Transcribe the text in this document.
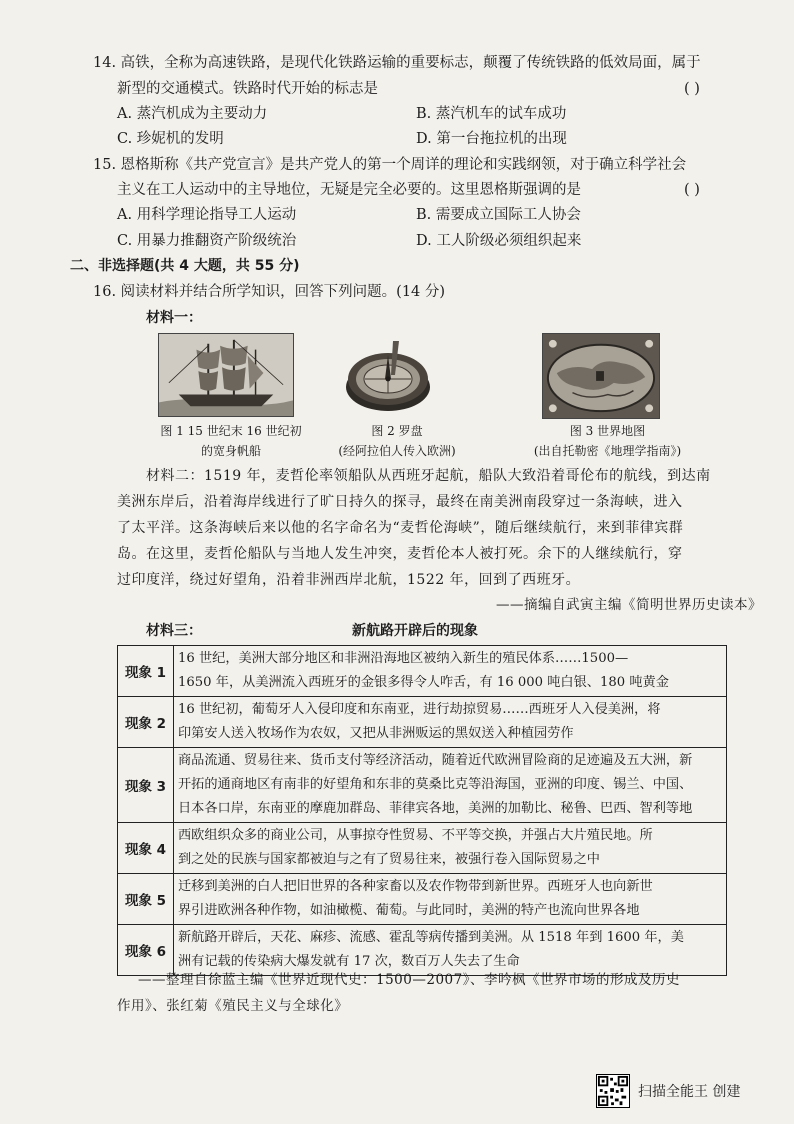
14. 高铁，全称为高速铁路，是现代化铁路运输的重要标志，颠覆了传统铁路的低效局面，属于
新型的交通模式。铁路时代开始的标志是	( )
A. 蒸汽机成为主要动力	B. 蒸汽机车的试车成功
C. 珍妮机的发明	D. 第一台拖拉机的出现
15. 恩格斯称《共产党宣言》是共产党人的第一个周详的理论和实践纲领，对于确立科学社会
主义在工人运动中的主导地位，无疑是完全必要的。这里恩格斯强调的是	( )
A. 用科学理论指导工人运动	B. 需要成立国际工人协会
C. 用暴力推翻资产阶级统治	D. 工人阶级必须组织起来
二、非选择题(共 4 大题，共 55 分)
16. 阅读材料并结合所学知识，回答下列问题。(14 分)
材料一：
图 1 15 世纪末 16 世纪初
的宽身帆船
图 2 罗盘
(经阿拉伯人传入欧洲)
图 3 世界地图
(出自托勒密《地理学指南》)
材料二：1519 年，麦哲伦率领船队从西班牙起航，船队大致沿着哥伦布的航线，到达南
美洲东岸后，沿着海岸线进行了旷日持久的探寻，最终在南美洲南段穿过一条海峡，进入
了太平洋。这条海峡后来以他的名字命名为“麦哲伦海峡”，随后继续航行，来到菲律宾群
岛。在这里，麦哲伦船队与当地人发生冲突，麦哲伦本人被打死。余下的人继续航行，穿
过印度洋，绕过好望角，沿着非洲西岸北航，1522 年，回到了西班牙。
——摘编自武寅主编《简明世界历史读本》
材料三：	新航路开辟后的现象
现象 1	16 世纪，美洲大部分地区和非洲沿海地区被纳入新生的殖民体系……1500—
1650 年，从美洲流入西班牙的金银多得令人咋舌，有 16 000 吨白银、180 吨黄金

现象 2	16 世纪初，葡萄牙人入侵印度和东南亚，进行劫掠贸易……西班牙人入侵美洲，将
印第安人送入牧场作为农奴，又把从非洲贩运的黑奴送入种植园劳作

现象 3	商品流通、贸易往来、货币支付等经济活动，随着近代欧洲冒险商的足迹遍及五大洲，新
开拓的通商地区有南非的好望角和东非的莫桑比克等沿海国，亚洲的印度、锡兰、中国、
日本各口岸，东南亚的摩鹿加群岛、菲律宾各地，美洲的加勒比、秘鲁、巴西、智利等地

现象 4	西欧组织众多的商业公司，从事掠夺性贸易、不平等交换，并强占大片殖民地。所
到之处的民族与国家都被迫与之有了贸易往来，被强行卷入国际贸易之中

现象 5	迁移到美洲的白人把旧世界的各种家畜以及农作物带到新世界。西班牙人也向新世
界引进欧洲各种作物，如油橄榄、葡萄。与此同时，美洲的特产也流向世界各地

现象 6	新航路开辟后，天花、麻疹、流感、霍乱等病传播到美洲。从 1518 年到 1600 年，美
洲有记载的传染病大爆发就有 17 次，数百万人失去了生命
——整理自徐蓝主编《世界近现代史：1500—2007》、李吟枫《世界市场的形成及历史
作用》、张红菊《殖民主义与全球化》
扫描全能王 创建
